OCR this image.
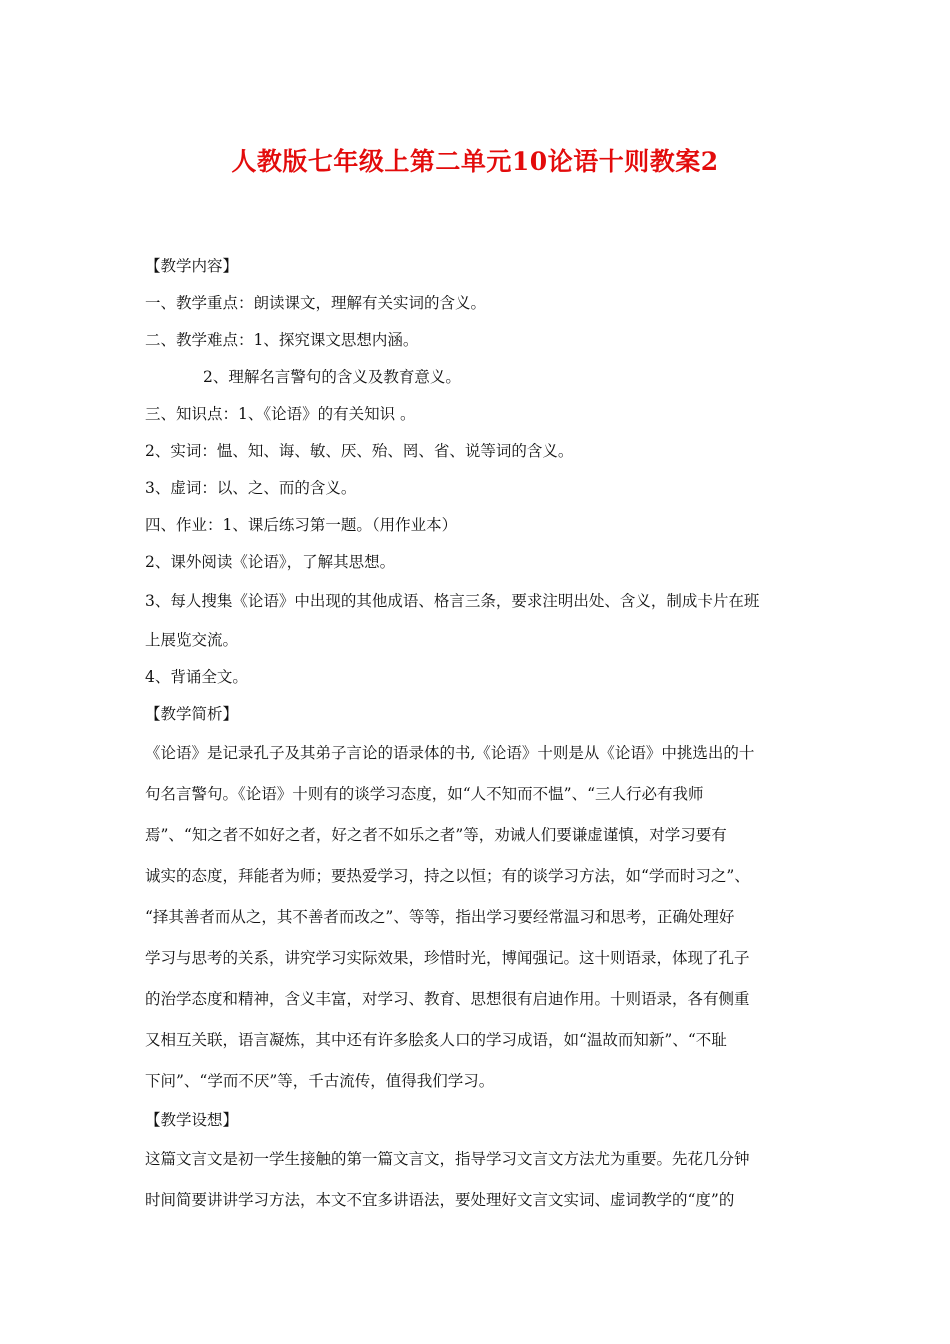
人教版七年级上第二单元10论语十则教案2
【教学内容】
一、教学重点：朗读课文，理解有关实词的含义。
二、教学难点：1、探究课文思想内涵。
2、理解名言警句的含义及教育意义。
三、知识点：1、《论语》的有关知识 。
2、实词：愠、知、诲、敏、厌、殆、罔、省、说等词的含义。
3、虚词：以、之、而的含义。
四、作业：1、课后练习第一题。（用作业本）
2、课外阅读《论语》，了解其思想。
3、每人搜集《论语》中出现的其他成语、格言三条，要求注明出处、含义，制成卡片在班
上展览交流。
4、背诵全文。
【教学简析】
《论语》是记录孔子及其弟子言论的语录体的书,《论语》十则是从《论语》中挑选出的十
句名言警句。《论语》十则有的谈学习态度，如“人不知而不愠”、“三人行必有我师
焉”、“知之者不如好之者，好之者不如乐之者”等，劝诫人们要谦虚谨慎，对学习要有
诚实的态度，拜能者为师；要热爱学习，持之以恒；有的谈学习方法，如“学而时习之”、
“择其善者而从之，其不善者而改之”、等等，指出学习要经常温习和思考，正确处理好
学习与思考的关系，讲究学习实际效果，珍惜时光，博闻强记。这十则语录，体现了孔子
的治学态度和精神，含义丰富，对学习、教育、思想很有启迪作用。十则语录，各有侧重
又相互关联，语言凝炼，其中还有许多脍炙人口的学习成语，如“温故而知新”、“不耻
下问”、“学而不厌”等，千古流传，值得我们学习。
【教学设想】
这篇文言文是初一学生接触的第一篇文言文，指导学习文言文方法尤为重要。先花几分钟
时间简要讲讲学习方法，本文不宜多讲语法，要处理好文言文实词、虚词教学的“度”的
